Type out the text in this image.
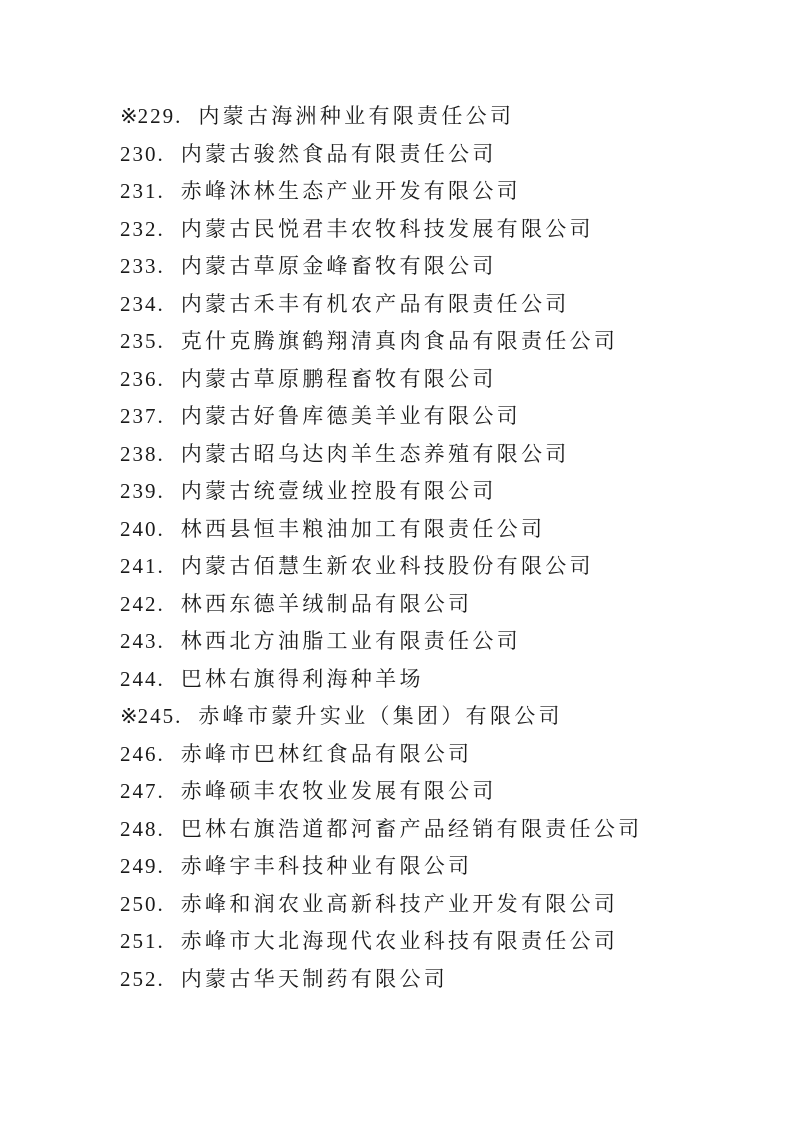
※229. 内蒙古海洲种业有限责任公司
230. 内蒙古骏然食品有限责任公司
231. 赤峰沐林生态产业开发有限公司
232. 内蒙古民悦君丰农牧科技发展有限公司
233. 内蒙古草原金峰畜牧有限公司
234. 内蒙古禾丰有机农产品有限责任公司
235. 克什克腾旗鹤翔清真肉食品有限责任公司
236. 内蒙古草原鹏程畜牧有限公司
237. 内蒙古好鲁库德美羊业有限公司
238. 内蒙古昭乌达肉羊生态养殖有限公司
239. 内蒙古统壹绒业控股有限公司
240. 林西县恒丰粮油加工有限责任公司
241. 内蒙古佰慧生新农业科技股份有限公司
242. 林西东德羊绒制品有限公司
243. 林西北方油脂工业有限责任公司
244. 巴林右旗得利海种羊场
※245. 赤峰市蒙升实业（集团）有限公司
246. 赤峰市巴林红食品有限公司
247. 赤峰硕丰农牧业发展有限公司
248. 巴林右旗浩道都河畜产品经销有限责任公司
249. 赤峰宇丰科技种业有限公司
250. 赤峰和润农业高新科技产业开发有限公司
251. 赤峰市大北海现代农业科技有限责任公司
252. 内蒙古华天制药有限公司
